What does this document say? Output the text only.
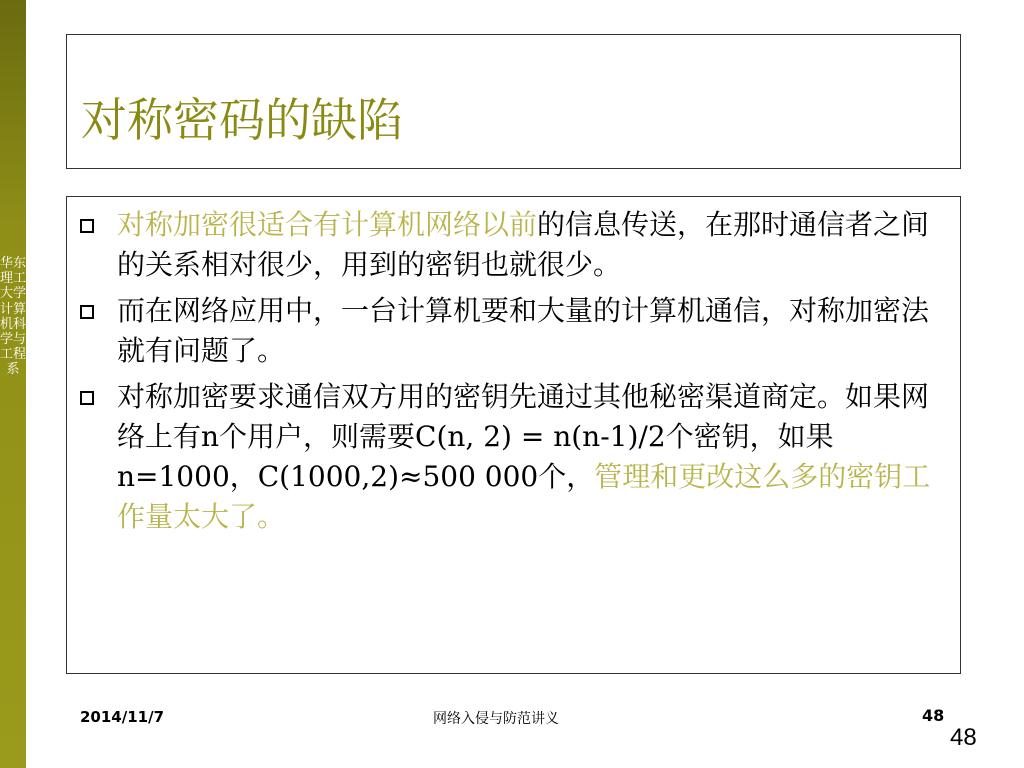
华东理工大学计算机科学与工程系
对称密码的缺陷
对称加密很适合有计算机网络以前的信息传送，在那时通信者之间的关系相对很少，用到的密钥也就很少。
而在网络应用中，一台计算机要和大量的计算机通信，对称加密法就有问题了。
对称加密要求通信双方用的密钥先通过其他秘密渠道商定。如果网络上有n个用户，则需要C(n, 2) = n(n-1)/2个密钥，如果n=1000，C(1000,2)≈500 000个，管理和更改这么多的密钥工作量太大了。
2014/11/7	网络入侵与防范讲义	48
48
